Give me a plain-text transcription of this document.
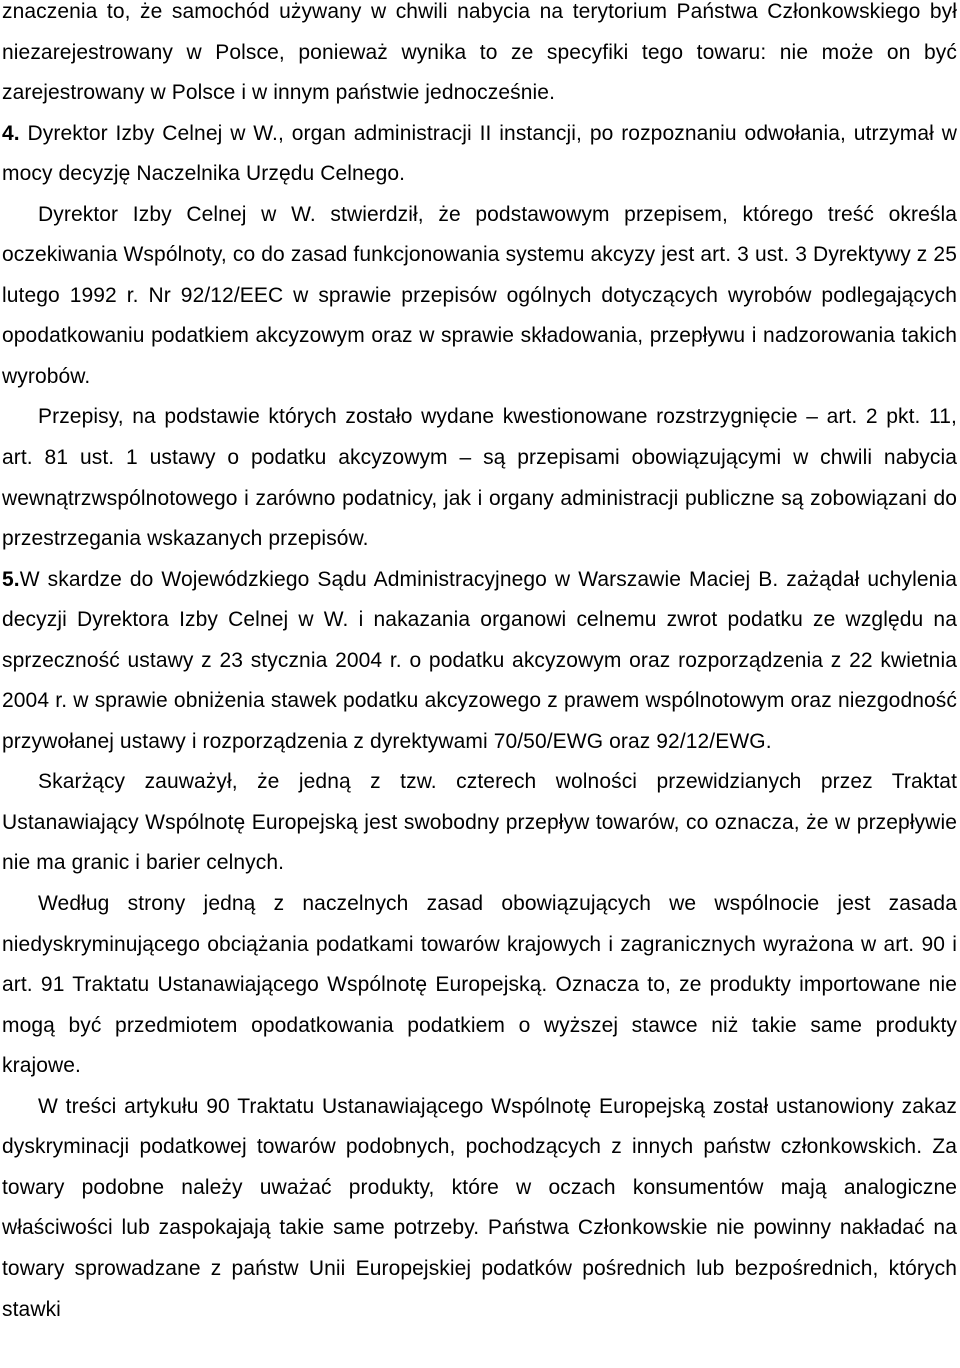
znaczenia to, że samochód używany w chwili nabycia na terytorium Państwa Członkowskiego był niezarejestrowany w Polsce, ponieważ wynika to ze specyfiki tego towaru: nie może on być zarejestrowany w Polsce i w innym państwie jednocześnie.

4. Dyrektor Izby Celnej w W., organ administracji II instancji, po rozpoznaniu odwołania, utrzymał w mocy decyzję Naczelnika Urzędu Celnego.

Dyrektor Izby Celnej w W. stwierdził, że podstawowym przepisem, którego treść określa oczekiwania Wspólnoty, co do zasad funkcjonowania systemu akcyzy jest art. 3 ust. 3 Dyrektywy z 25 lutego 1992 r. Nr 92/12/EEC w sprawie przepisów ogólnych dotyczących wyrobów podlegających opodatkowaniu podatkiem akcyzowym oraz w sprawie składowania, przepływu i nadzorowania takich wyrobów.

Przepisy, na podstawie których zostało wydane kwestionowane rozstrzygnięcie – art. 2 pkt. 11, art. 81 ust. 1 ustawy o podatku akcyzowym – są przepisami obowiązującymi w chwili nabycia wewnątrzwspólnotowego i zarówno podatnicy, jak i organy administracji publiczne są zobowiązani do przestrzegania wskazanych przepisów.

5.W skardze do Wojewódzkiego Sądu Administracyjnego w Warszawie Maciej B. zażądał uchylenia decyzji Dyrektora Izby Celnej w W. i nakazania organowi celnemu zwrot podatku ze względu na sprzeczność ustawy z 23 stycznia 2004 r. o podatku akcyzowym oraz rozporządzenia z 22 kwietnia 2004 r. w sprawie obniżenia stawek podatku akcyzowego z prawem wspólnotowym oraz niezgodność przywołanej ustawy i rozporządzenia z dyrektywami 70/50/EWG oraz 92/12/EWG.

Skarżący zauważył, że jedną z tzw. czterech wolności przewidzianych przez Traktat Ustanawiający Wspólnotę Europejską jest swobodny przepływ towarów, co oznacza, że w przepływie nie ma granic i barier celnych.

Według strony jedną z naczelnych zasad obowiązujących we wspólnocie jest zasada niedyskryminującego obciążania podatkami towarów krajowych i zagranicznych wyrażona w art. 90 i art. 91 Traktatu Ustanawiającego Wspólnotę Europejską. Oznacza to, ze produkty importowane nie mogą być przedmiotem opodatkowania podatkiem o wyższej stawce niż takie same produkty krajowe.

W treści artykułu 90 Traktatu Ustanawiającego Wspólnotę Europejską został ustanowiony zakaz dyskryminacji podatkowej towarów podobnych, pochodzących z innych państw członkowskich. Za towary podobne należy uważać produkty, które w oczach konsumentów mają analogiczne właściwości lub zaspokajają takie same potrzeby. Państwa Członkowskie nie powinny nakładać na towary sprowadzane z państw Unii Europejskiej podatków pośrednich lub bezpośrednich, których stawki
